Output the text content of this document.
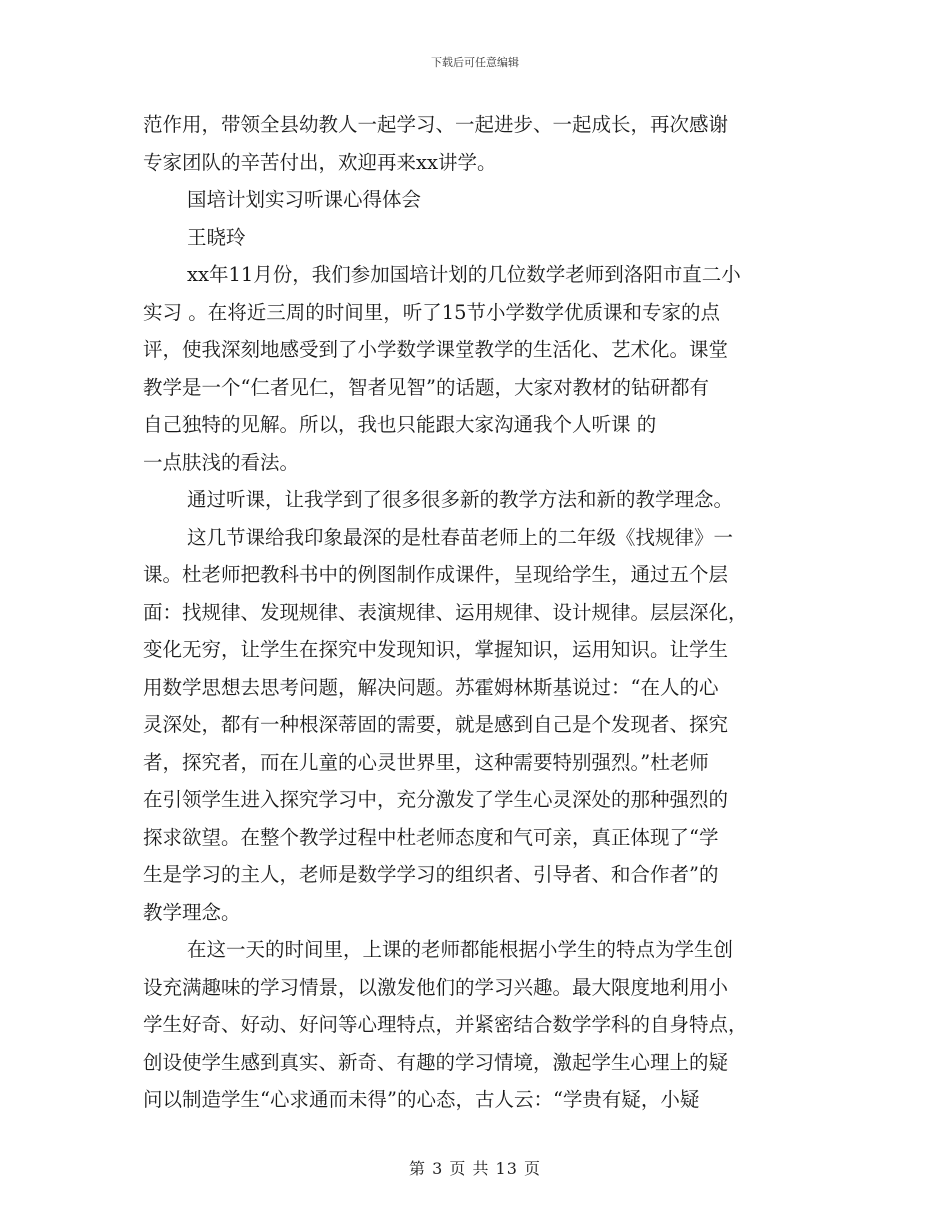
下载后可任意编辑
范作用，带领全县幼教人一起学习、一起进步、一起成长，再次感谢
专家团队的辛苦付出，欢迎再来xx讲学。
国培计划实习听课心得体会
王晓玲
xx年11月份，我们参加国培计划的几位数学老师到洛阳市直二小
实习 。在将近三周的时间里，听了15节小学数学优质课和专家的点
评，使我深刻地感受到了小学数学课堂教学的生活化、艺术化。课堂
教学是一个“仁者见仁，智者见智”的话题，大家对教材的钻研都有
自己独特的见解。所以，我也只能跟大家沟通我个人听课 的
一点肤浅的看法。
通过听课，让我学到了很多很多新的教学方法和新的教学理念。
这几节课给我印象最深的是杜春苗老师上的二年级《找规律》一
课。杜老师把教科书中的例图制作成课件，呈现给学生，通过五个层
面：找规律、发现规律、表演规律、运用规律、设计规律。层层深化，
变化无穷，让学生在探究中发现知识，掌握知识，运用知识。让学生
用数学思想去思考问题，解决问题。苏霍姆林斯基说过：“在人的心
灵深处，都有一种根深蒂固的需要，就是感到自己是个发现者、探究
者，探究者，而在儿童的心灵世界里，这种需要特别强烈。”杜老师
在引领学生进入探究学习中，充分激发了学生心灵深处的那种强烈的
探求欲望。在整个教学过程中杜老师态度和气可亲，真正体现了“学
生是学习的主人，老师是数学学习的组织者、引导者、和合作者”的
教学理念。
在这一天的时间里，上课的老师都能根据小学生的特点为学生创
设充满趣味的学习情景，以激发他们的学习兴趣。最大限度地利用小
学生好奇、好动、好问等心理特点，并紧密结合数学学科的自身特点，
创设使学生感到真实、新奇、有趣的学习情境，激起学生心理上的疑
问以制造学生“心求通而未得”的心态，古人云：“学贵有疑，小疑
第 3 页 共 13 页
